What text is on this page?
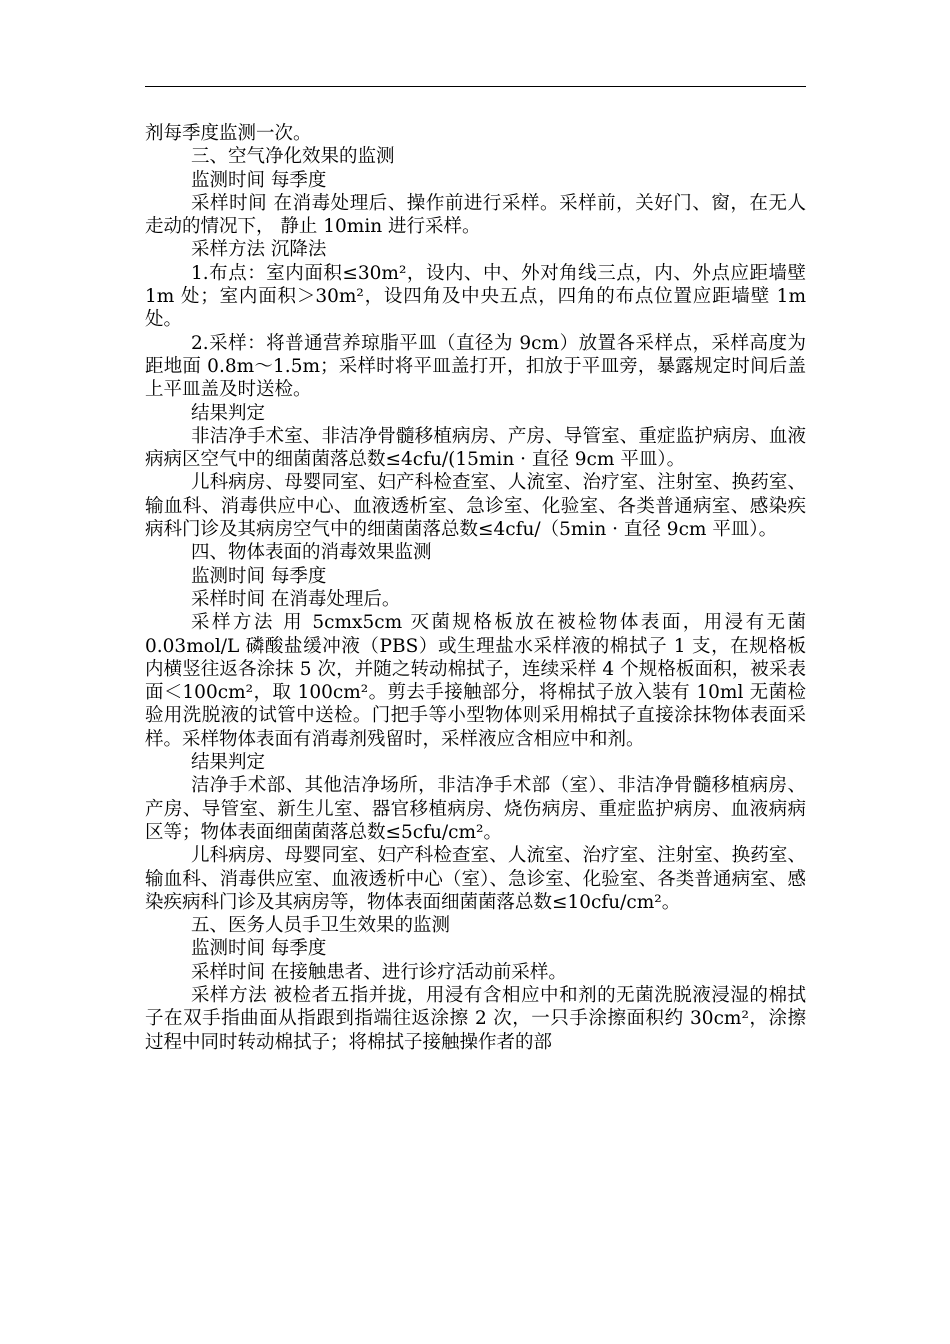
剂每季度监测一次。

三、空气净化效果的监测

监测时间 每季度

采样时间 在消毒处理后、操作前进行采样。采样前，关好门、窗，在无人走动的情况下， 静止 10min 进行采样。

采样方法 沉降法

1.布点：室内面积≤30m²，设内、中、外对角线三点，内、外点应距墙壁 1m 处；室内面积＞30m²，设四角及中央五点，四角的布点位置应距墙壁 1m 处。

2.采样：将普通营养琼脂平皿（直径为 9cm）放置各采样点，采样高度为距地面 0.8m～1.5m；采样时将平皿盖打开，扣放于平皿旁，暴露规定时间后盖上平皿盖及时送检。

结果判定

非洁净手术室、非洁净骨髓移植病房、产房、导管室、重症监护病房、血液病病区空气中的细菌菌落总数≤4cfu/(15min · 直径 9cm 平皿）。

儿科病房、母婴同室、妇产科检查室、人流室、治疗室、注射室、换药室、输血科、消毒供应中心、血液透析室、急诊室、化验室、各类普通病室、感染疾病科门诊及其病房空气中的细菌菌落总数≤4cfu/（5min · 直径 9cm 平皿）。

四、物体表面的消毒效果监测

监测时间 每季度

采样时间 在消毒处理后。

采样方法 用 5cmx5cm 灭菌规格板放在被检物体表面，用浸有无菌 0.03mol/L 磷酸盐缓冲液（PBS）或生理盐水采样液的棉拭子 1 支，在规格板内横竖往返各涂抹 5 次，并随之转动棉拭子，连续采样 4 个规格板面积，被采表面＜100cm²，取 100cm²。剪去手接触部分，将棉拭子放入装有 10ml 无菌检验用洗脱液的试管中送检。门把手等小型物体则采用棉拭子直接涂抹物体表面采样。采样物体表面有消毒剂残留时，采样液应含相应中和剂。

结果判定

洁净手术部、其他洁净场所，非洁净手术部（室）、非洁净骨髓移植病房、产房、导管室、新生儿室、器官移植病房、烧伤病房、重症监护病房、血液病病区等；物体表面细菌菌落总数≤5cfu/cm²。

儿科病房、母婴同室、妇产科检查室、人流室、治疗室、注射室、换药室、输血科、消毒供应室、血液透析中心（室）、急诊室、化验室、各类普通病室、感染疾病科门诊及其病房等，物体表面细菌菌落总数≤10cfu/cm²。

五、医务人员手卫生效果的监测

监测时间 每季度

采样时间 在接触患者、进行诊疗活动前采样。

采样方法 被检者五指并拢，用浸有含相应中和剂的无菌洗脱液浸湿的棉拭子在双手指曲面从指跟到指端往返涂擦 2 次，一只手涂擦面积约 30cm²，涂擦过程中同时转动棉拭子；将棉拭子接触操作者的部
